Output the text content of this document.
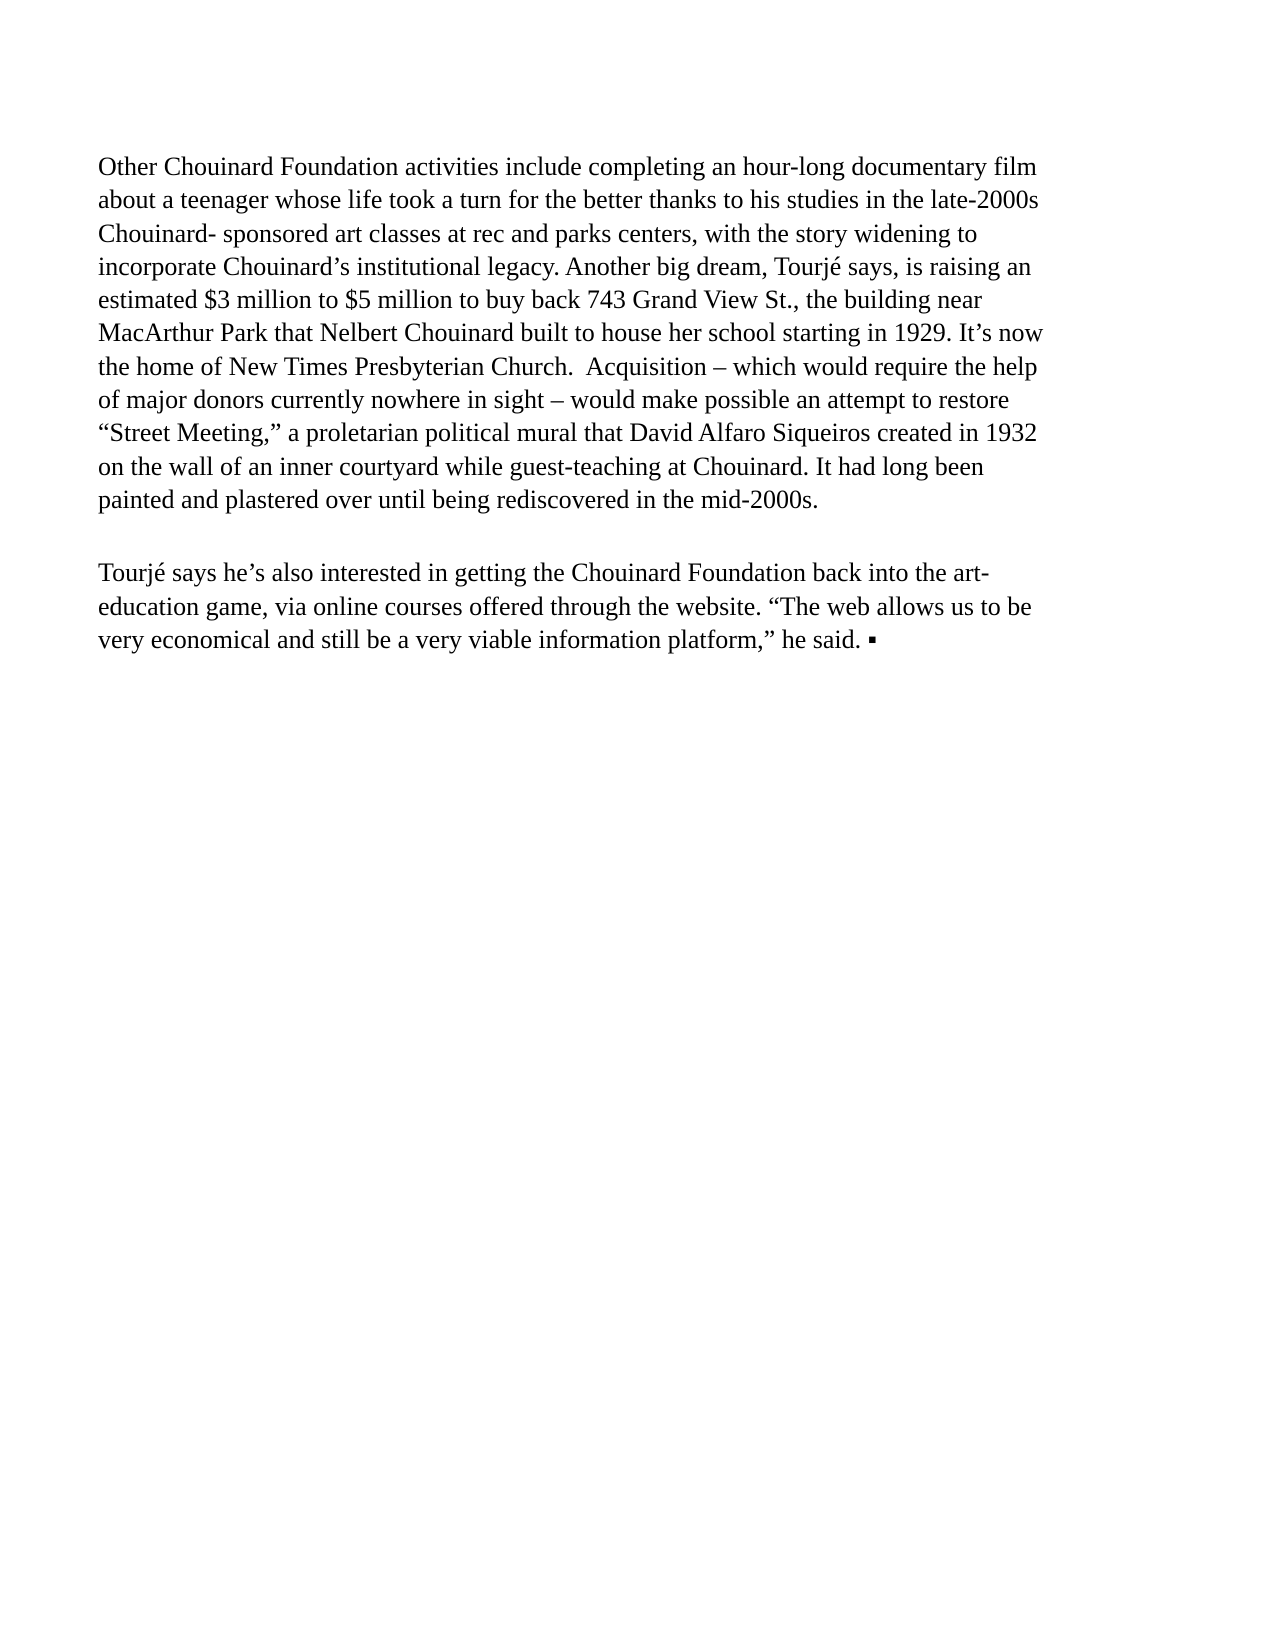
Other Chouinard Foundation activities include completing an hour-long documentary film
about a teenager whose life took a turn for the better thanks to his studies in the late-2000s
Chouinard- sponsored art classes at rec and parks centers, with the story widening to
incorporate Chouinard’s institutional legacy. Another big dream, Tourjé says, is raising an
estimated $3 million to $5 million to buy back 743 Grand View St., the building near
MacArthur Park that Nelbert Chouinard built to house her school starting in 1929. It’s now
the home of New Times Presbyterian Church.  Acquisition – which would require the help
of major donors currently nowhere in sight – would make possible an attempt to restore
“Street Meeting,” a proletarian political mural that David Alfaro Siqueiros created in 1932
on the wall of an inner courtyard while guest-teaching at Chouinard. It had long been
painted and plastered over until being rediscovered in the mid-2000s.
Tourjé says he’s also interested in getting the Chouinard Foundation back into the art-
education game, via online courses offered through the website. “The web allows us to be
very economical and still be a very viable information platform,” he said. ▪
